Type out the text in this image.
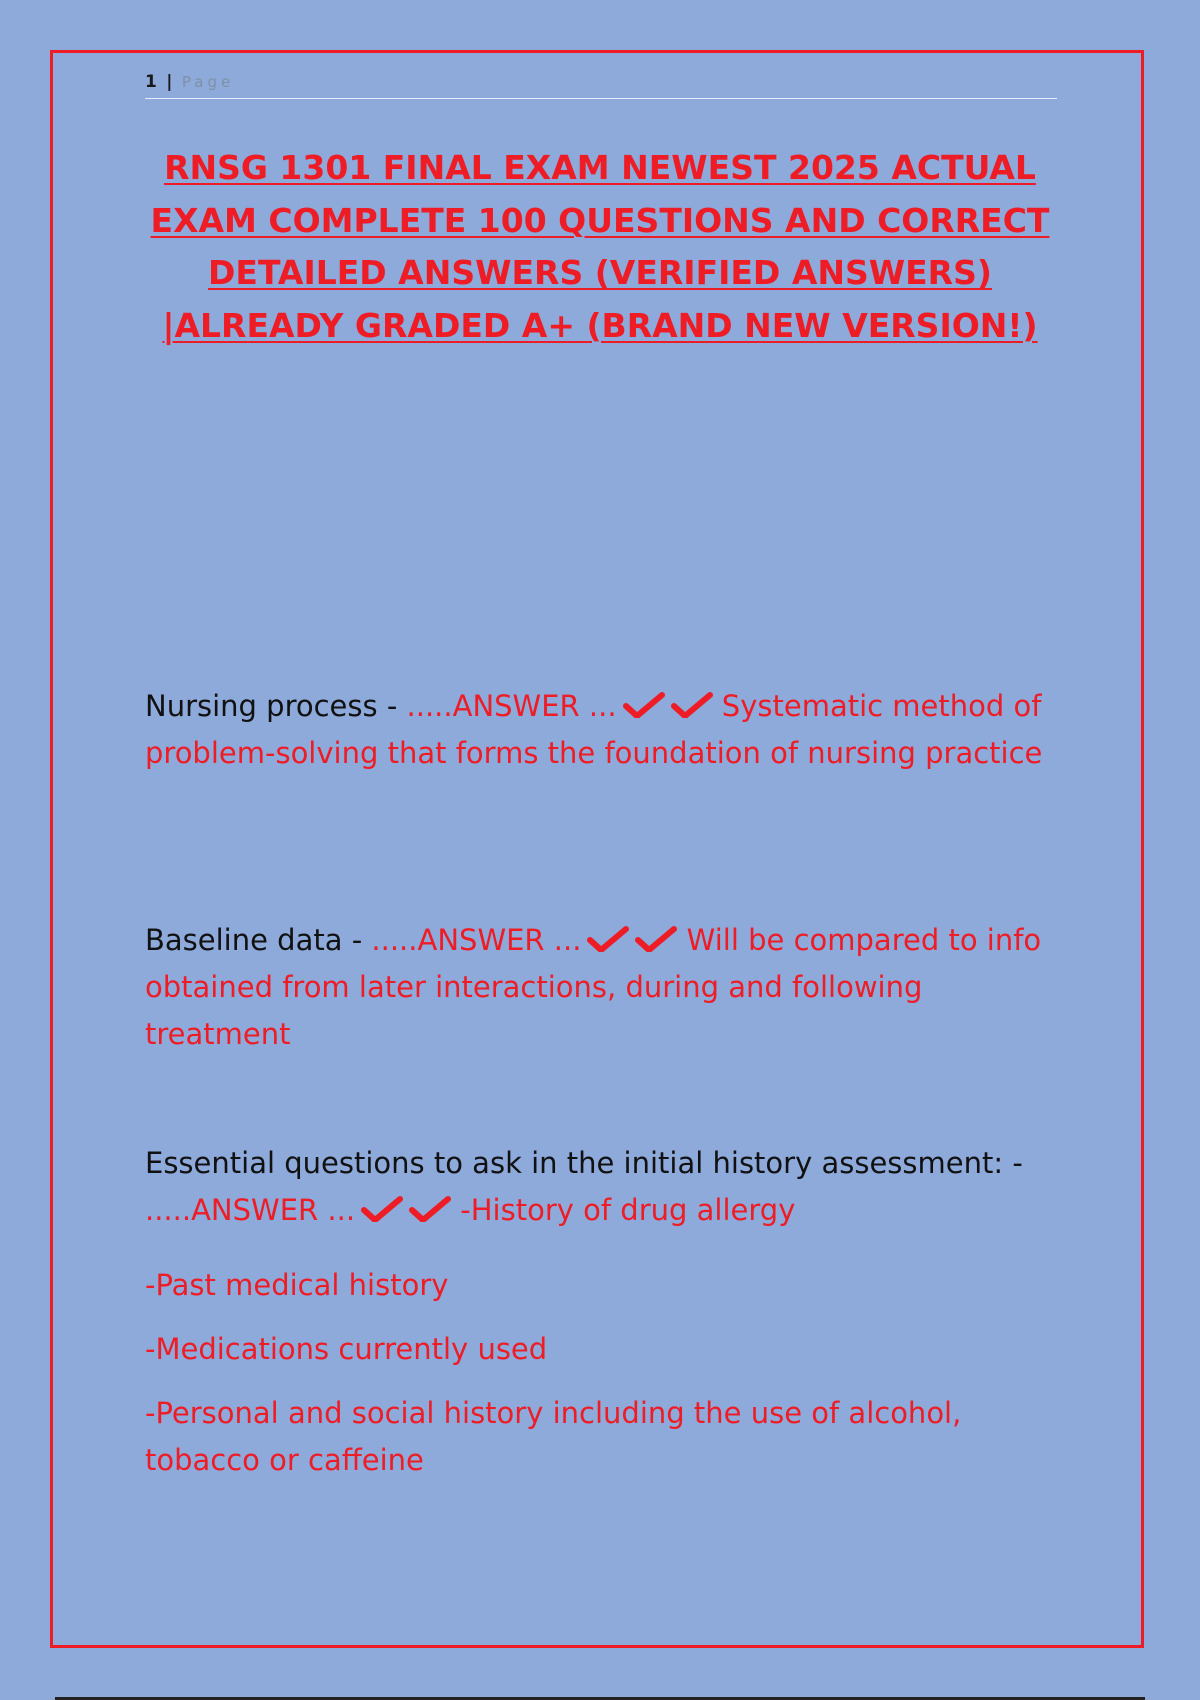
1 | Page
RNSG 1301 FINAL EXAM NEWEST 2025 ACTUAL EXAM COMPLETE 100 QUESTIONS AND CORRECT DETAILED ANSWERS (VERIFIED ANSWERS) |ALREADY GRADED A+ (BRAND NEW VERSION!)

Nursing process - .....ANSWER ...	Systematic method of problem-solving that forms the foundation of nursing practice

Baseline data - .....ANSWER ...	Will be compared to info obtained from later interactions, during and following treatment

Essential questions to ask in the initial history assessment: - .....ANSWER ...	-History of drug allergy

-Past medical history

-Medications currently used

-Personal and social history including the use of alcohol, tobacco or caffeine
